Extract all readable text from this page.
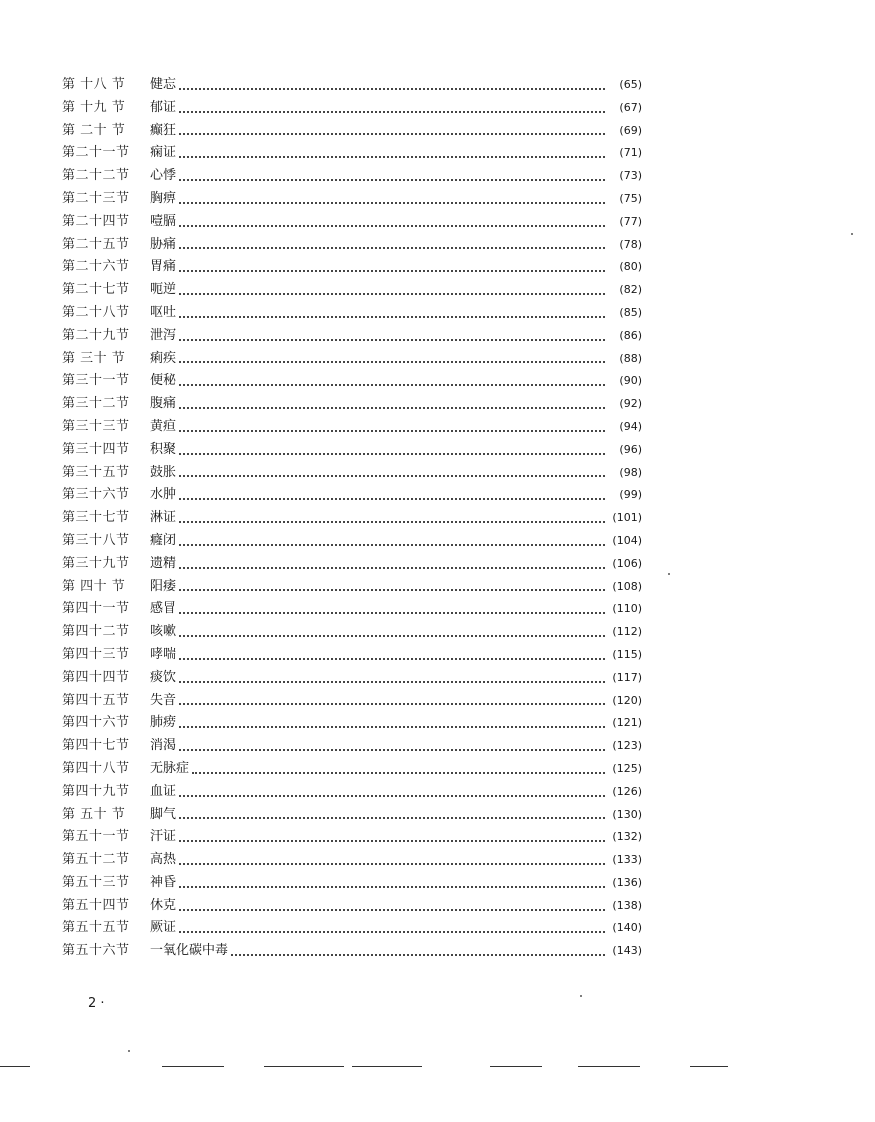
第 十八 节	健忘	(65)
第 十九 节	郁证	(67)
第 二十 节	癫狂	(69)
第二十一节	痫证	(71)
第二十二节	心悸	(73)
第二十三节	胸痹	(75)
第二十四节	噎膈	(77)
第二十五节	胁痛	(78)
第二十六节	胃痛	(80)
第二十七节	呃逆	(82)
第二十八节	呕吐	(85)
第二十九节	泄泻	(86)
第 三十 节	痢疾	(88)
第三十一节	便秘	(90)
第三十二节	腹痛	(92)
第三十三节	黄疸	(94)
第三十四节	积聚	(96)
第三十五节	鼓胀	(98)
第三十六节	水肿	(99)
第三十七节	淋证	(101)
第三十八节	癃闭	(104)
第三十九节	遗精	(106)
第 四十 节	阳痿	(108)
第四十一节	感冒	(110)
第四十二节	咳嗽	(112)
第四十三节	哮喘	(115)
第四十四节	痰饮	(117)
第四十五节	失音	(120)
第四十六节	肺痨	(121)
第四十七节	消渴	(123)
第四十八节	无脉症	(125)
第四十九节	血证	(126)
第 五十 节	脚气	(130)
第五十一节	汗证	(132)
第五十二节	高热	(133)
第五十三节	神昏	(136)
第五十四节	休克	(138)
第五十五节	厥证	(140)
第五十六节	一氧化碳中毒	(143)
2 ·
